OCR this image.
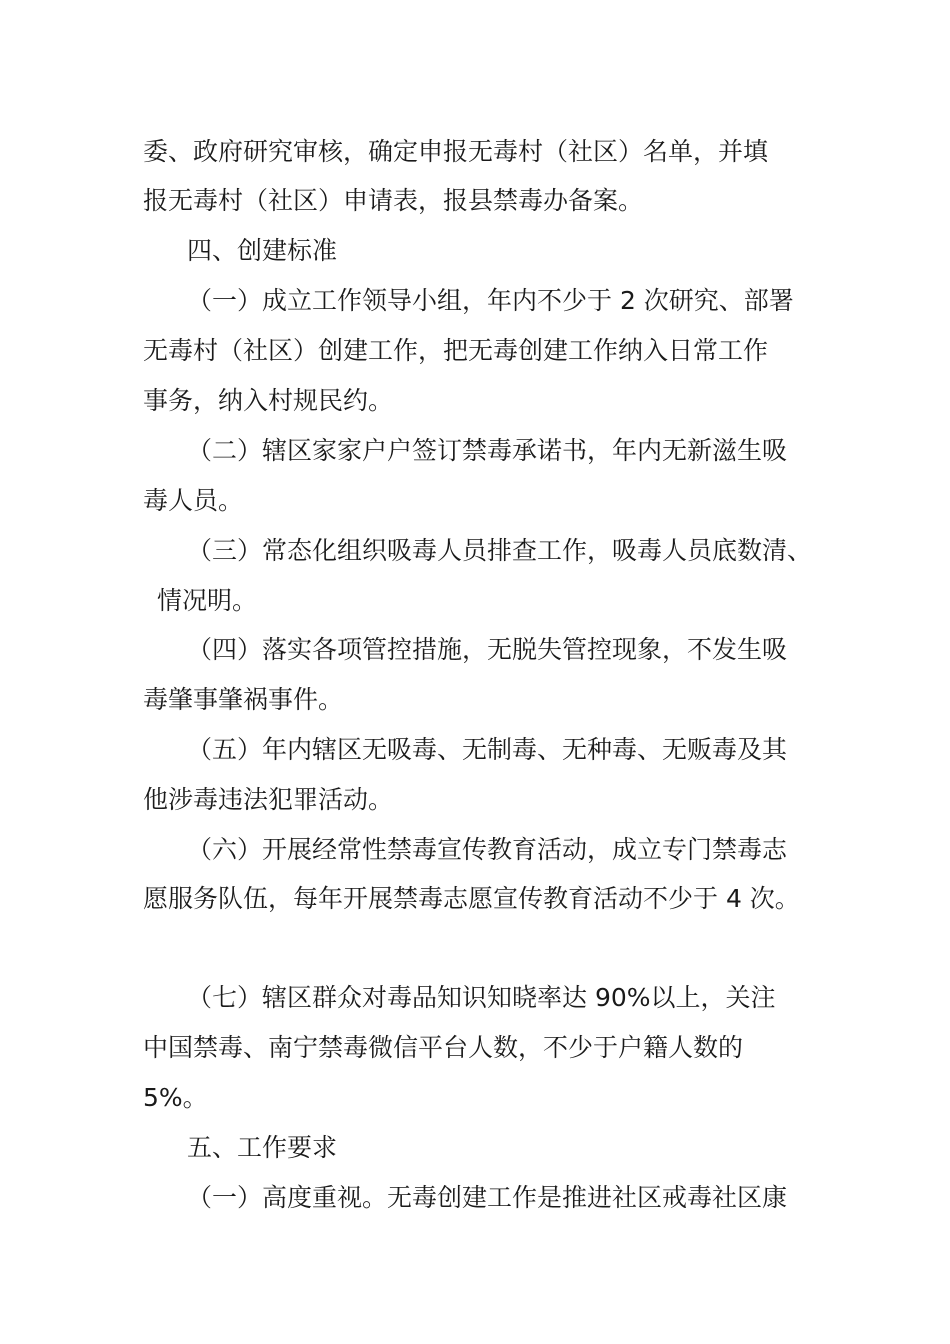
委、政府研究审核，确定申报无毒村（社区）名单，并填
报无毒村（社区）申请表，报县禁毒办备案。
四、创建标准
（一）成立工作领导小组，年内不少于 2 次研究、部署
无毒村（社区）创建工作，把无毒创建工作纳入日常工作
事务，纳入村规民约。
（二）辖区家家户户签订禁毒承诺书，年内无新滋生吸
毒人员。
（三）常态化组织吸毒人员排查工作，吸毒人员底数清、
情况明。
（四）落实各项管控措施，无脱失管控现象，不发生吸
毒肇事肇祸事件。
（五）年内辖区无吸毒、无制毒、无种毒、无贩毒及其
他涉毒违法犯罪活动。
（六）开展经常性禁毒宣传教育活动，成立专门禁毒志
愿服务队伍，每年开展禁毒志愿宣传教育活动不少于 4 次。
（七）辖区群众对毒品知识知晓率达 90%以上，关注
中国禁毒、南宁禁毒微信平台人数，不少于户籍人数的
5%。
五、工作要求
（一）高度重视。无毒创建工作是推进社区戒毒社区康
